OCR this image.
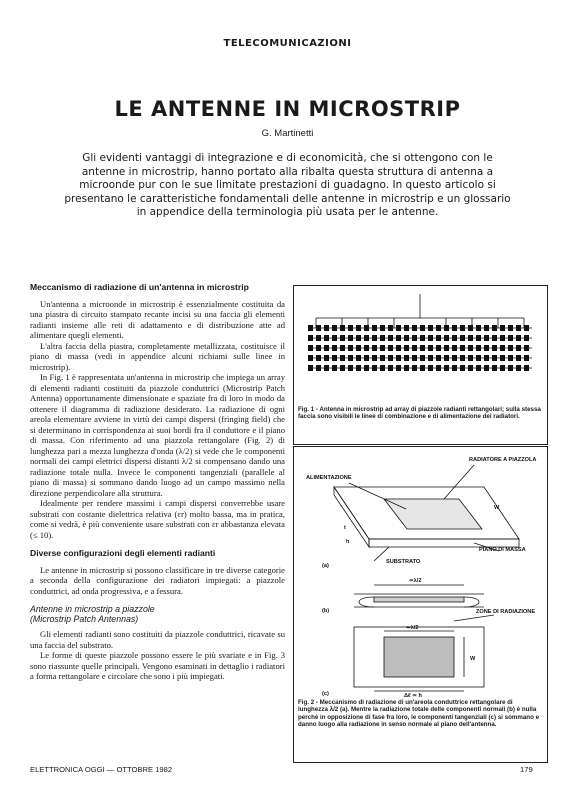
TELECOMUNICAZIONI
LE ANTENNE IN MICROSTRIP
G. Martinetti
Gli evidenti vantaggi di integrazione e di economicità, che si ottengono con le antenne in microstrip, hanno portato alla ribalta questa struttura di antenna a microonde pur con le sue limitate prestazioni di guadagno. In questo articolo si presentano le caratteristiche fondamentali delle antenne in microstrip e un glossario in appendice della terminologia più usata per le antenne.
Meccanismo di radiazione di un'antenna in microstrip

Un'antenna a microonde in microstrip è essenzialmente costituita da una piastra di circuito stampato recante incisi su una faccia gli elementi radianti insieme alle reti di adattamento e di distribuzione atte ad alimentare quegli elementi.

L'altra faccia della piastra, completamente metallizzata, costituisce il piano di massa (vedi in appendice alcuni richiami sulle linee in microstrip).

In Fig. 1 è rappresentata un'antenna in microstrip che impiega un array di elementi radianti costituiti da piazzole conduttrici (Microstrip Patch Antenna) opportunamente dimensionate e spaziate fra di loro in modo da ottenere il diagramma di radiazione desiderato. La radiazione di ogni areola elementare avviene in virtù dei campi dispersi (fringing field) che si determinano in corrispondenza ai suoi bordi fra il conduttore e il piano di massa. Con riferimento ad una piazzola rettangolare (Fig. 2) di lunghezza pari a mezza lunghezza d'onda (λ/2) si vede che le componenti normali dei campi elettrici dispersi distanti λ/2 si compensano dando una radiazione totale nulla. Invece le componenti tangenziali (parallele al piano di massa) si sommano dando luogo ad un campo massimo nella direzione perpendicolare alla struttura.

Idealmente per rendere massimi i campi dispersi converrebbe usare substrati con costante dielettrica relativa (εr) molto bassa, ma in pratica, come si vedrà, è più conveniente usare substrati con εr abbastanza elevata (≤ 10).

Diverse configurazioni degli elementi radianti

Le antenne in microstrip si possono classificare in tre diverse categorie a seconda della configurazione dei radiatori impiegati: a piazzole conduttrici, ad onda progressiva, e a fessura.

Antenne in microstrip a piazzole
(Microstrip Patch Antennas)

Gli elementi radianti sono costituiti da piazzole conduttrici, ricavate su una faccia del substrato.

Le forme di queste piazzole possono essere le più svariate e in Fig. 3 sono riassunte quelle principali. Vengono esaminati in dettaglio i radiatori a forma rettangolare e circolare che sono i più impiegati.

Fig. 1 - Antenna in microstrip ad array di piazzole radianti rettangolari; sulla stessa faccia sono visibili le linee di combinazione e di alimentazione dei radiatori.
RADIATORE A PIAZZOLA
ALIMENTAZIONE
PIANO DI MASSA
SUBSTRATO
ZONE DI RADIAZIONE
(a)
(b)
(c)
W
W
t
h
≃λ/2
≃λ/2
Δℓ ≃ h
Fig. 2 - Meccanismo di radiazione di un'areola conduttrice rettangolare di lunghezza λ/2 (a). Mentre la radiazione totale delle componenti normali (b) è nulla perchè in opposizione di fase fra loro, le componenti tangenziali (c) si sommano e danno luogo alla radiazione in senso normale al piano dell'antenna.
ELETTRONICA OGGI — OTTOBRE 1982	179
